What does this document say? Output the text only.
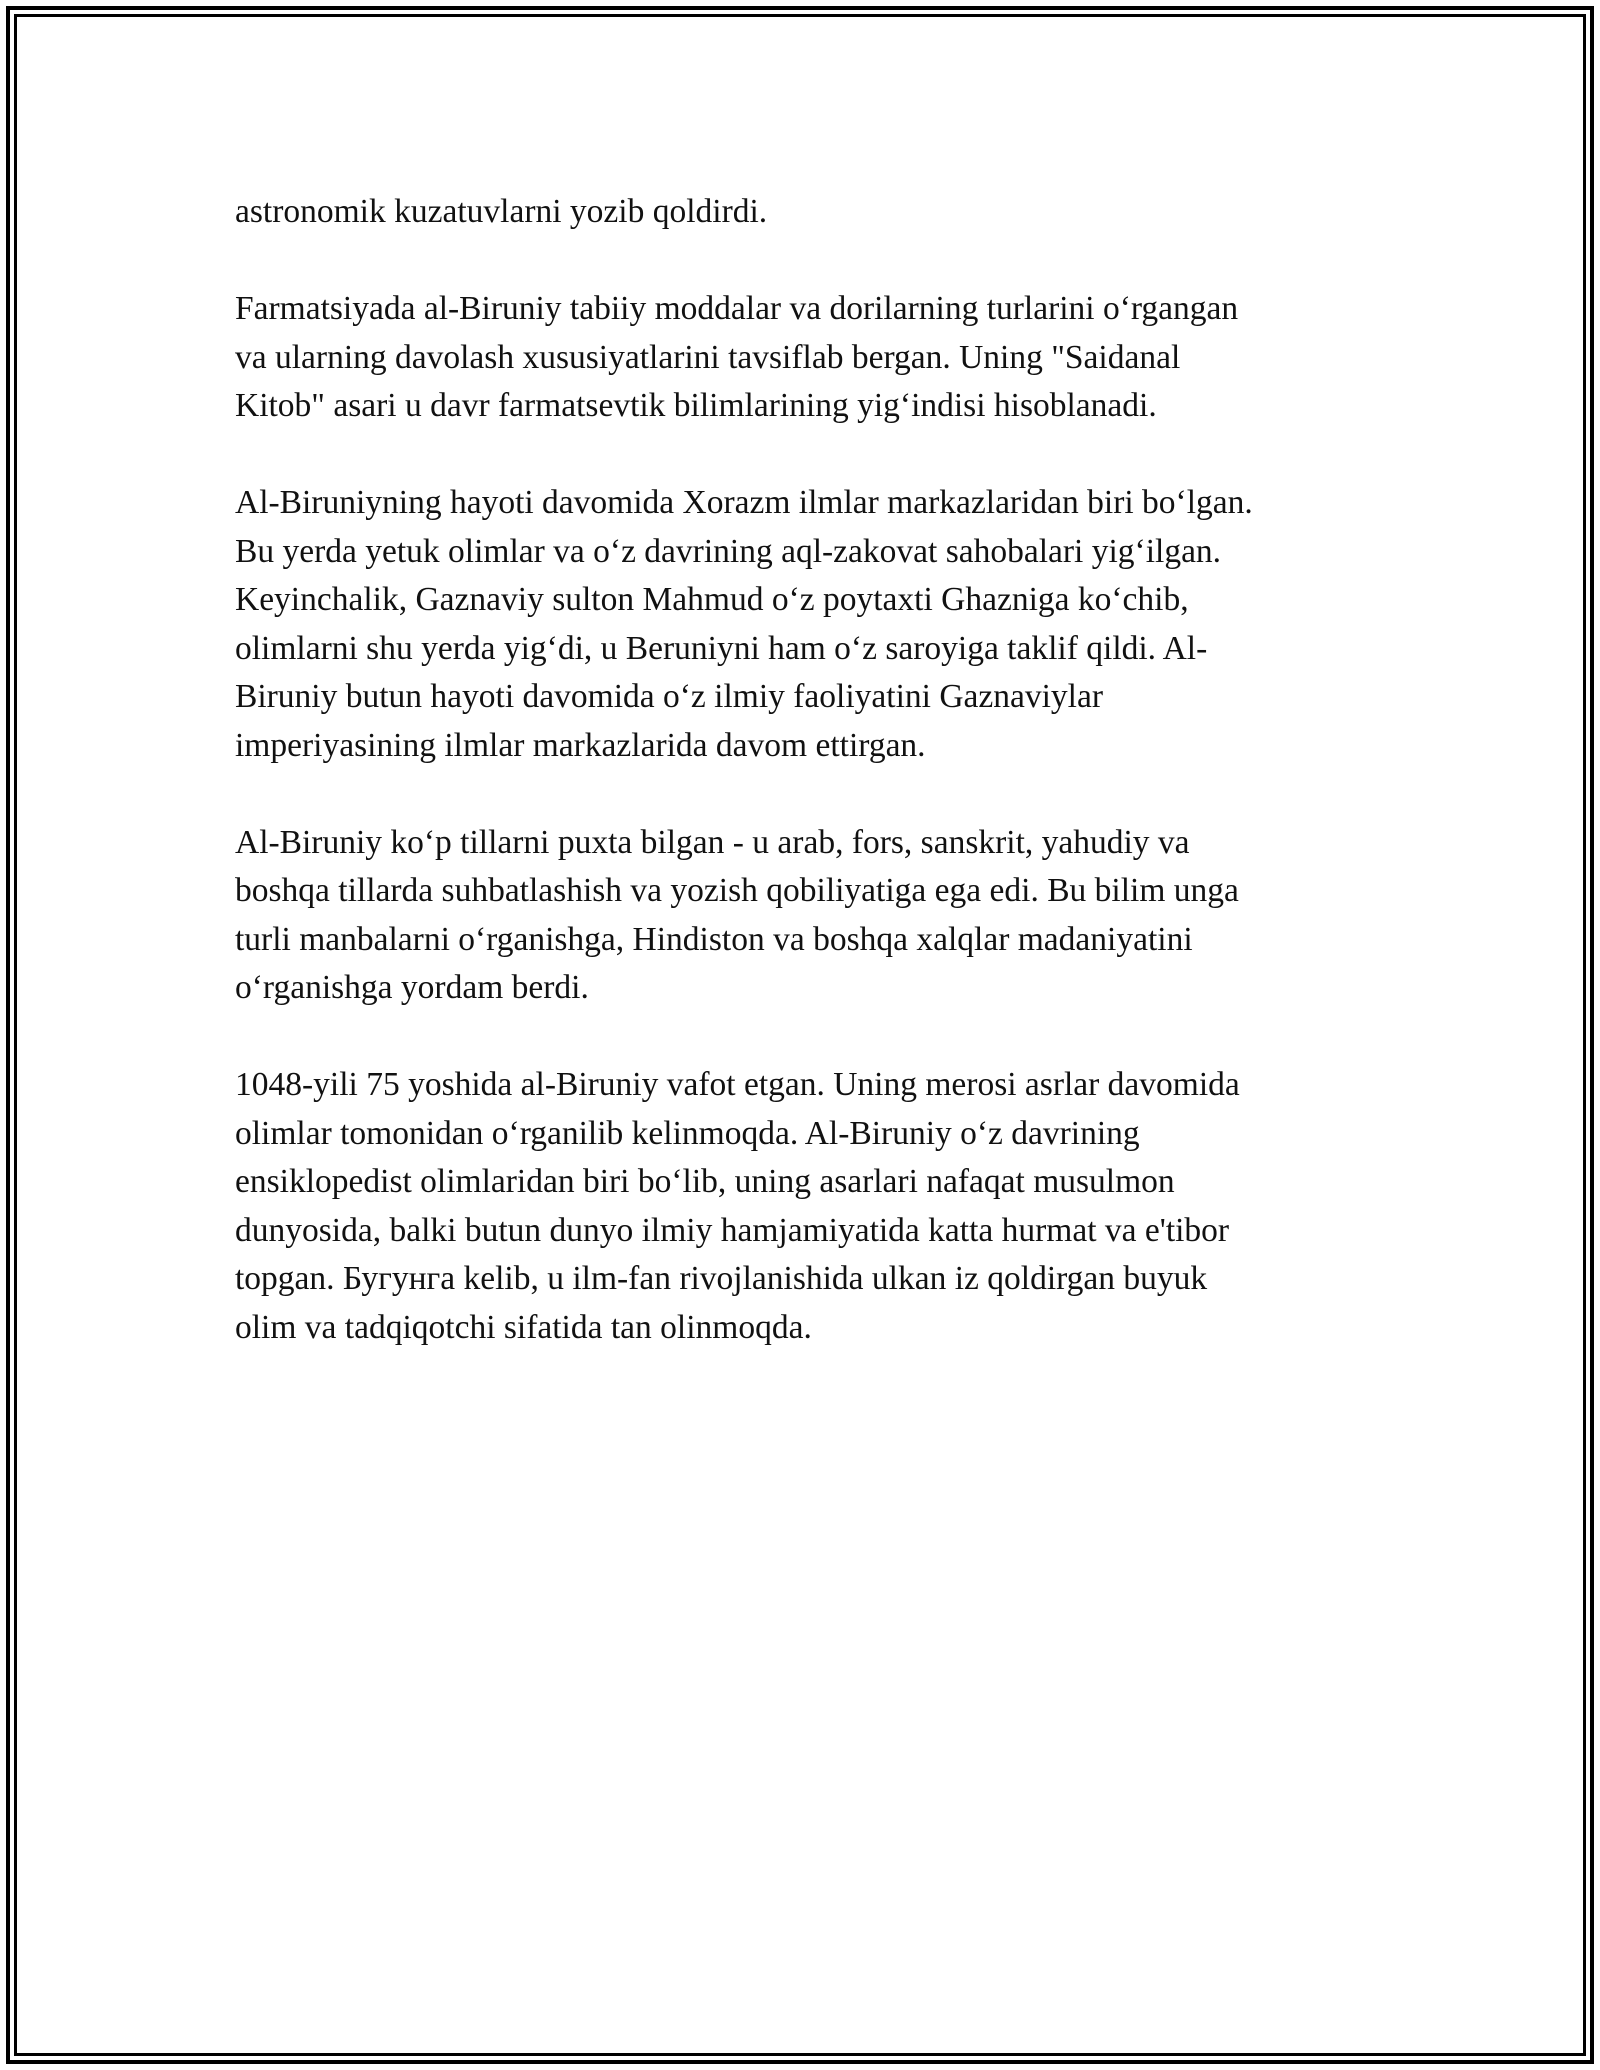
astronomik kuzatuvlarni yozib qoldirdi.

Farmatsiyada al-Biruniy tabiiy moddalar va dorilarning turlarini o‘rgangan
va ularning davolash xususiyatlarini tavsiflab bergan. Uning "Saidanal
Kitob" asari u davr farmatsevtik bilimlarining yig‘indisi hisoblanadi.

Al-Biruniyning hayoti davomida Xorazm ilmlar markazlaridan biri bo‘lgan.
Bu yerda yetuk olimlar va o‘z davrining aql-zakovat sahobalari yig‘ilgan.
Keyinchalik, Gaznaviy sulton Mahmud o‘z poytaxti Ghazniga ko‘chib,
olimlarni shu yerda yig‘di, u Beruniyni ham o‘z saroyiga taklif qildi. Al-
Biruniy butun hayoti davomida o‘z ilmiy faoliyatini Gaznaviylar
imperiyasining ilmlar markazlarida davom ettirgan.

Al-Biruniy ko‘p tillarni puxta bilgan - u arab, fors, sanskrit, yahudiy va
boshqa tillarda suhbatlashish va yozish qobiliyatiga ega edi. Bu bilim unga
turli manbalarni o‘rganishga, Hindiston va boshqa xalqlar madaniyatini
o‘rganishga yordam berdi.

1048-yili 75 yoshida al-Biruniy vafot etgan. Uning merosi asrlar davomida
olimlar tomonidan o‘rganilib kelinmoqda. Al-Biruniy o‘z davrining
ensiklopedist olimlaridan biri bo‘lib, uning asarlari nafaqat musulmon
dunyosida, balki butun dunyo ilmiy hamjamiyatida katta hurmat va e'tibor
topgan. Бугунга kelib, u ilm-fan rivojlanishida ulkan iz qoldirgan buyuk
olim va tadqiqotchi sifatida tan olinmoqda.
